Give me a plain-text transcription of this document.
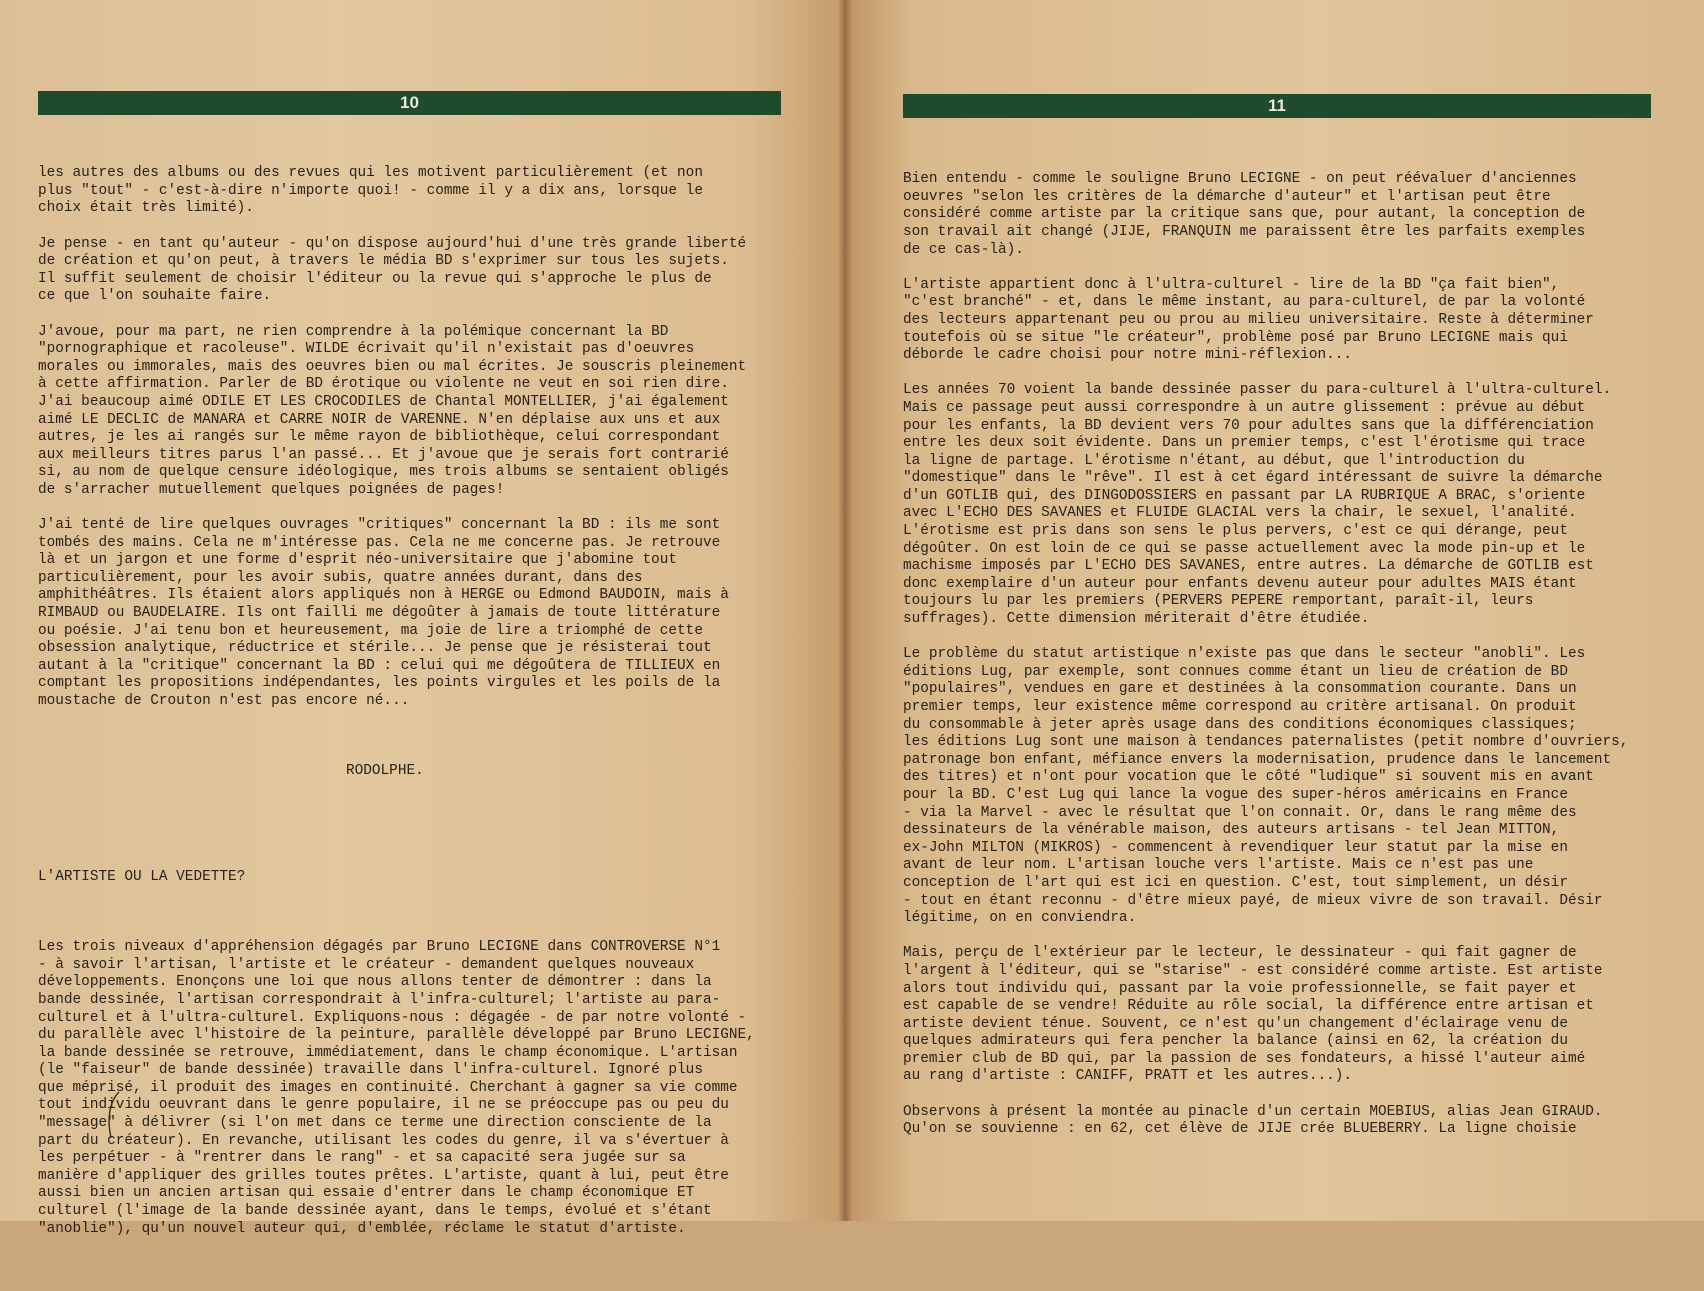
10

les autres des albums ou des revues qui les motivent particulièrement (et non
plus "tout" - c'est-à-dire n'importe quoi! - comme il y a dix ans, lorsque le
choix était très limité).
Je pense - en tant qu'auteur - qu'on dispose aujourd'hui d'une très grande liberté
de création et qu'on peut, à travers le média BD s'exprimer sur tous les sujets.
Il suffit seulement de choisir l'éditeur ou la revue qui s'approche le plus de
ce que l'on souhaite faire.
J'avoue, pour ma part, ne rien comprendre à la polémique concernant la BD
"pornographique et racoleuse". WILDE écrivait qu'il n'existait pas d'oeuvres
morales ou immorales, mais des oeuvres bien ou mal écrites. Je souscris pleinement
à cette affirmation. Parler de BD érotique ou violente ne veut en soi rien dire.
J'ai beaucoup aimé ODILE ET LES CROCODILES de Chantal MONTELLIER, j'ai également
aimé LE DECLIC de MANARA et CARRE NOIR de VARENNE. N'en déplaise aux uns et aux
autres, je les ai rangés sur le même rayon de bibliothèque, celui correspondant
aux meilleurs titres parus l'an passé... Et j'avoue que je serais fort contrarié
si, au nom de quelque censure idéologique, mes trois albums se sentaient obligés
de s'arracher mutuellement quelques poignées de pages!
J'ai tenté de lire quelques ouvrages "critiques" concernant la BD : ils me sont
tombés des mains. Cela ne m'intéresse pas. Cela ne me concerne pas. Je retrouve
là et un jargon et une forme d'esprit néo-universitaire que j'abomine tout
particulièrement, pour les avoir subis, quatre années durant, dans des
amphithéâtres. Ils étaient alors appliqués non à HERGE ou Edmond BAUDOIN, mais à
RIMBAUD ou BAUDELAIRE. Ils ont failli me dégoûter à jamais de toute littérature
ou poésie. J'ai tenu bon et heureusement, ma joie de lire a triomphé de cette
obsession analytique, réductrice et stérile... Je pense que je résisterai tout
autant à la "critique" concernant la BD : celui qui me dégoûtera de TILLIEUX en
comptant les propositions indépendantes, les points virgules et les poils de la
moustache de Crouton n'est pas encore né...

RODOLPHE.

L'ARTISTE OU LA VEDETTE?

Les trois niveaux d'appréhension dégagés par Bruno LECIGNE dans CONTROVERSE N°1
- à savoir l'artisan, l'artiste et le créateur - demandent quelques nouveaux
développements. Enonçons une loi que nous allons tenter de démontrer : dans la
bande dessinée, l'artisan correspondrait à l'infra-culturel; l'artiste au para-
culturel et à l'ultra-culturel. Expliquons-nous : dégagée - de par notre volonté -
du parallèle avec l'histoire de la peinture, parallèle développé par Bruno LECIGNE,
la bande dessinée se retrouve, immédiatement, dans le champ économique. L'artisan
(le "faiseur" de bande dessinée) travaille dans l'infra-culturel. Ignoré plus
que méprisé, il produit des images en continuité. Cherchant à gagner sa vie comme
tout individu oeuvrant dans le genre populaire, il ne se préoccupe pas ou peu du
"message" à délivrer (si l'on met dans ce terme une direction consciente de la
part du créateur). En revanche, utilisant les codes du genre, il va s'évertuer à
les perpétuer - à "rentrer dans le rang" - et sa capacité sera jugée sur sa
manière d'appliquer des grilles toutes prêtes. L'artiste, quant à lui, peut être
aussi bien un ancien artisan qui essaie d'entrer dans le champ économique ET
culturel (l'image de la bande dessinée ayant, dans le temps, évolué et s'étant
"anoblie"), qu'un nouvel auteur qui, d'emblée, réclame le statut d'artiste.

11

Bien entendu - comme le souligne Bruno LECIGNE - on peut réévaluer d'anciennes
oeuvres "selon les critères de la démarche d'auteur" et l'artisan peut être
considéré comme artiste par la critique sans que, pour autant, la conception de
son travail ait changé (JIJE, FRANQUIN me paraissent être les parfaits exemples
de ce cas-là).
L'artiste appartient donc à l'ultra-culturel - lire de la BD "ça fait bien",
"c'est branché" - et, dans le même instant, au para-culturel, de par la volonté
des lecteurs appartenant peu ou prou au milieu universitaire. Reste à déterminer
toutefois où se situe "le créateur", problème posé par Bruno LECIGNE mais qui
déborde le cadre choisi pour notre mini-réflexion...
Les années 70 voient la bande dessinée passer du para-culturel à l'ultra-culturel.
Mais ce passage peut aussi correspondre à un autre glissement : prévue au début
pour les enfants, la BD devient vers 70 pour adultes sans que la différenciation
entre les deux soit évidente. Dans un premier temps, c'est l'érotisme qui trace
la ligne de partage. L'érotisme n'étant, au début, que l'introduction du
"domestique" dans le "rêve". Il est à cet égard intéressant de suivre la démarche
d'un GOTLIB qui, des DINGODOSSIERS en passant par LA RUBRIQUE A BRAC, s'oriente
avec L'ECHO DES SAVANES et FLUIDE GLACIAL vers la chair, le sexuel, l'analité.
L'érotisme est pris dans son sens le plus pervers, c'est ce qui dérange, peut
dégoûter. On est loin de ce qui se passe actuellement avec la mode pin-up et le
machisme imposés par L'ECHO DES SAVANES, entre autres. La démarche de GOTLIB est
donc exemplaire d'un auteur pour enfants devenu auteur pour adultes MAIS étant
toujours lu par les premiers (PERVERS PEPERE remportant, paraît-il, leurs
suffrages). Cette dimension mériterait d'être étudiée.
Le problème du statut artistique n'existe pas que dans le secteur "anobli". Les
éditions Lug, par exemple, sont connues comme étant un lieu de création de BD
"populaires", vendues en gare et destinées à la consommation courante. Dans un
premier temps, leur existence même correspond au critère artisanal. On produit
du consommable à jeter après usage dans des conditions économiques classiques;
les éditions Lug sont une maison à tendances paternalistes (petit nombre d'ouvriers,
patronage bon enfant, méfiance envers la modernisation, prudence dans le lancement
des titres) et n'ont pour vocation que le côté "ludique" si souvent mis en avant
pour la BD. C'est Lug qui lance la vogue des super-héros américains en France
- via la Marvel - avec le résultat que l'on connait. Or, dans le rang même des
dessinateurs de la vénérable maison, des auteurs artisans - tel Jean MITTON,
ex-John MILTON (MIKROS) - commencent à revendiquer leur statut par la mise en
avant de leur nom. L'artisan louche vers l'artiste. Mais ce n'est pas une
conception de l'art qui est ici en question. C'est, tout simplement, un désir
- tout en étant reconnu - d'être mieux payé, de mieux vivre de son travail. Désir
légitime, on en conviendra.
Mais, perçu de l'extérieur par le lecteur, le dessinateur - qui fait gagner de
l'argent à l'éditeur, qui se "starise" - est considéré comme artiste. Est artiste
alors tout individu qui, passant par la voie professionnelle, se fait payer et
est capable de se vendre! Réduite au rôle social, la différence entre artisan et
artiste devient ténue. Souvent, ce n'est qu'un changement d'éclairage venu de
quelques admirateurs qui fera pencher la balance (ainsi en 62, la création du
premier club de BD qui, par la passion de ses fondateurs, a hissé l'auteur aimé
au rang d'artiste : CANIFF, PRATT et les autres...).
Observons à présent la montée au pinacle d'un certain MOEBIUS, alias Jean GIRAUD.
Qu'on se souvienne : en 62, cet élève de JIJE crée BLUEBERRY. La ligne choisie
